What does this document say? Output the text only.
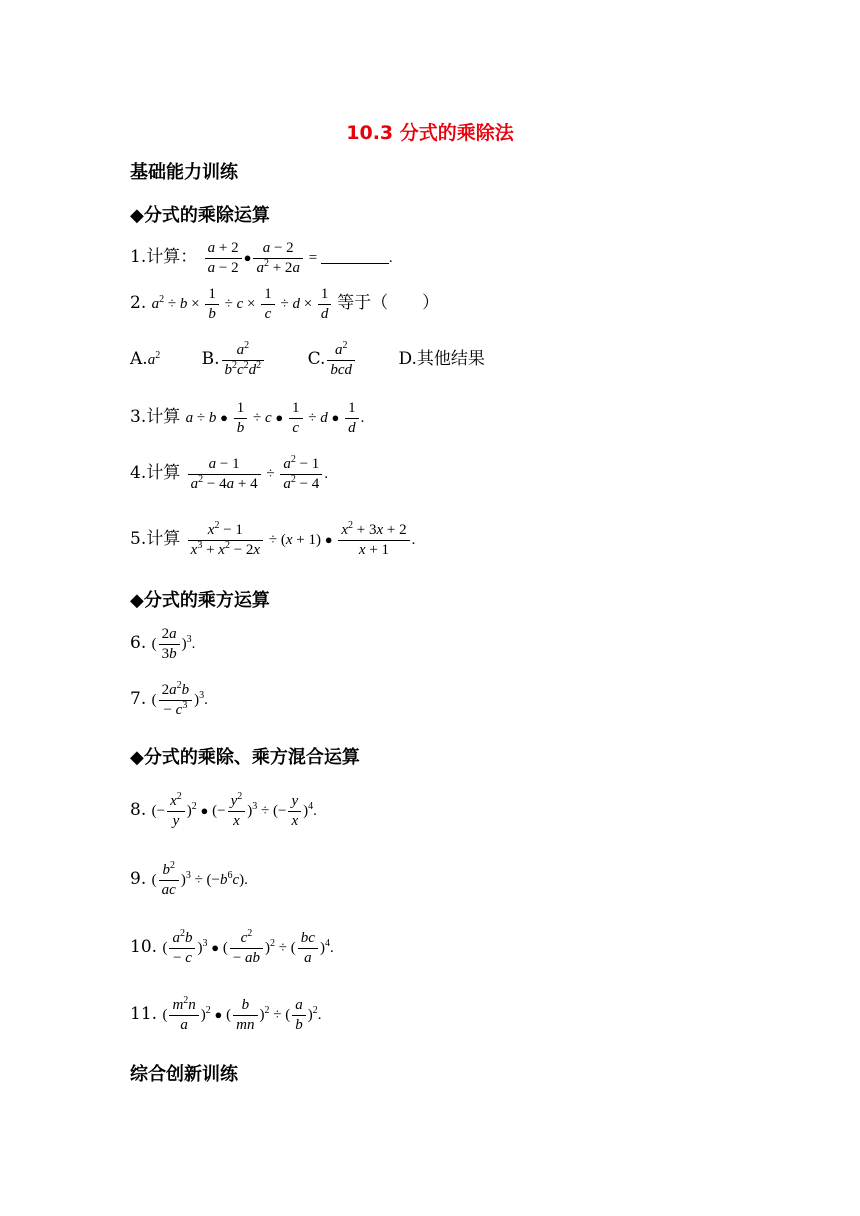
10.3 分式的乘除法
基础能力训练
◆分式的乘除运算
1.计算： $\frac{a + 2}{a - 2}$ ● $\frac{a - 2}{a^2 + 2a}$ =	.
2. $a^2 \div b \times \frac{1}{b} \div c \times \frac{1}{c} \div d \times \frac{1}{d}$ 等于（　　）
$A.a^2$ B. $\frac{a^2}{b^2c^2d^2}$	C. $\frac{a^2}{\text{bcd}}$	D.其他结果
3.计算 a ÷ b ● $\frac{1}{b} \div c$ ● $\frac{1}{c} \div d$ ● $\frac{1}{d}$ .
4.计算 $\frac{a - 1}{a^2 - 4a + 4} \div \frac{a^2 - 1}{a^2 - 4}$ .
5.计算 $\frac{x^2 - 1}{x^3 + x^2 - 2x} \div (x + 1)$ ● $\frac{x^2 + 3x + 2}{x + 1}$ .
◆分式的乘方运算
6. ( $\frac{2a}{3b} )^3$.
7. ( $\frac{2a^2b}{- c^3} )^3$.
◆分式的乘除、乘方混合运算
8. (− $\frac{x^2}{y} )^2$ ● (− $\frac{y^2}{x} )^3$ ÷ (− $\frac{y}{x} )^4$.
9. ( $\frac{b^2}{ac} )^3 \div (-b^6c)$.
10. ( $\frac{a^2b}{- c} )^3$ ● ( $\frac{c^2}{- ab} )^2$ ÷ ( $\frac{bc}{a} )^4$.
11. ( $\frac{m^2n}{a} )^2$ ● ( $\frac{b}{mn} )^2$ ÷ ( $\frac{a}{b} )^2$.
综合创新训练
